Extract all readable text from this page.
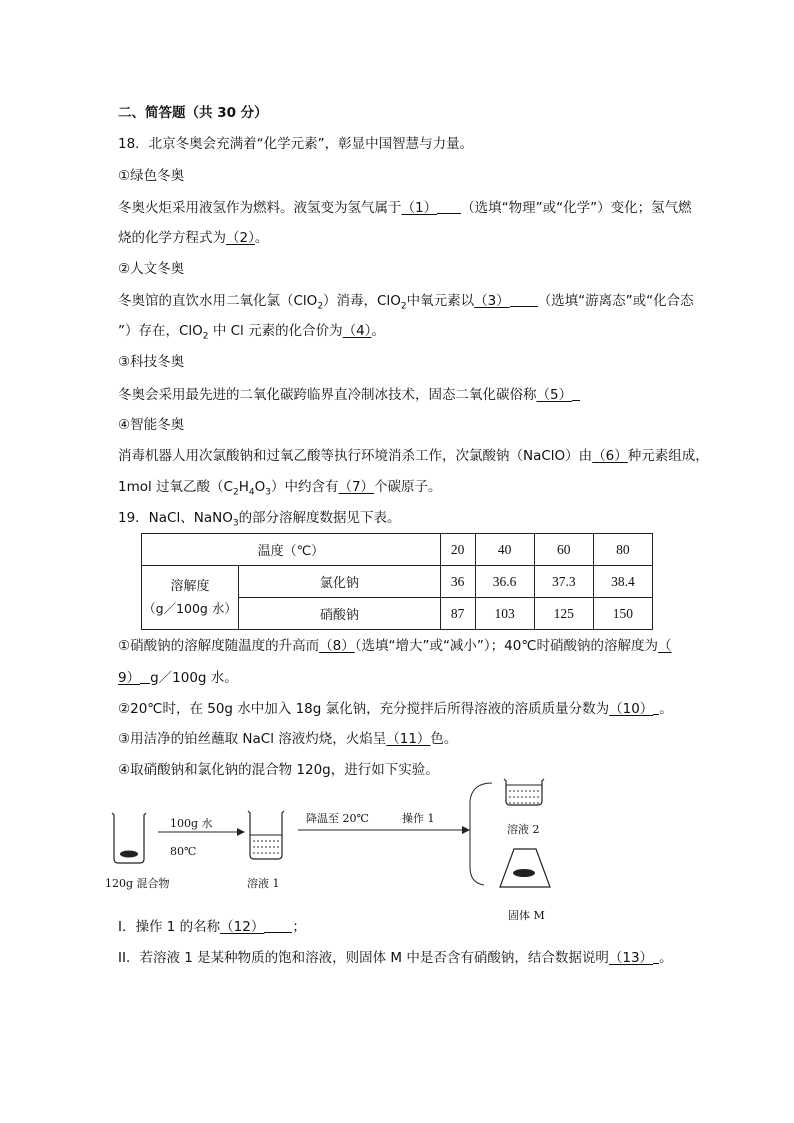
二、简答题（共 30 分）
18．北京冬奥会充满着“化学元素”，彰显中国智慧与力量。
①绿色冬奥
冬奥火炬采用液氢作为燃料。液氢变为氢气属于（1） （选填“物理”或“化学”）变化；氢气燃
烧的化学方程式为（2）。
②人文冬奥
冬奥馆的直饮水用二氧化氯（ClO$_2$）消毒，ClO$_2$中氧元素以（3） （选填“游离态”或“化合态
”）存在，ClO$_2$ 中 Cl 元素的化合价为（4）。
③科技冬奥
冬奥会采用最先进的二氧化碳跨临界直冷制冰技术，固态二氧化碳俗称（5）
④智能冬奥
消毒机器人用次氯酸钠和过氧乙酸等执行环境消杀工作，次氯酸钠（NaClO）由（6）种元素组成，
1mol 过氧乙酸$(C_2H_4O_3)$中约含有（7）个碳原子。
19．NaCl、NaNO$_3$的部分溶解度数据见下表。
温度（℃）		20	40	60	80

溶解度
（g／100g 水）	氯化钠	36	36.6	37.3	38.4
	硝酸钠	87	103	125	150
①硝酸钠的溶解度随温度的升高而（8）（选填“增大”或“减小”）；40℃时硝酸钠的溶解度为（
9） g／100g 水。
②20℃时，在 50g 水中加入 18g 氯化钠，充分搅拌后所得溶液的溶质质量分数为（10） 。
③用洁净的铂丝蘸取 NaCl 溶液灼烧，火焰呈（11）色。
④取硝酸钠和氯化钠的混合物 120g，进行如下实验。
100g 水
80℃
降温至 20℃	操作 1
120g 混合物	溶液 1
溶液 2
固体 M
I．操作 1 的名称（12） ；
II．若溶液 1 是某种物质的饱和溶液，则固体 M 中是否含有硝酸钠，结合数据说明（13） 。
